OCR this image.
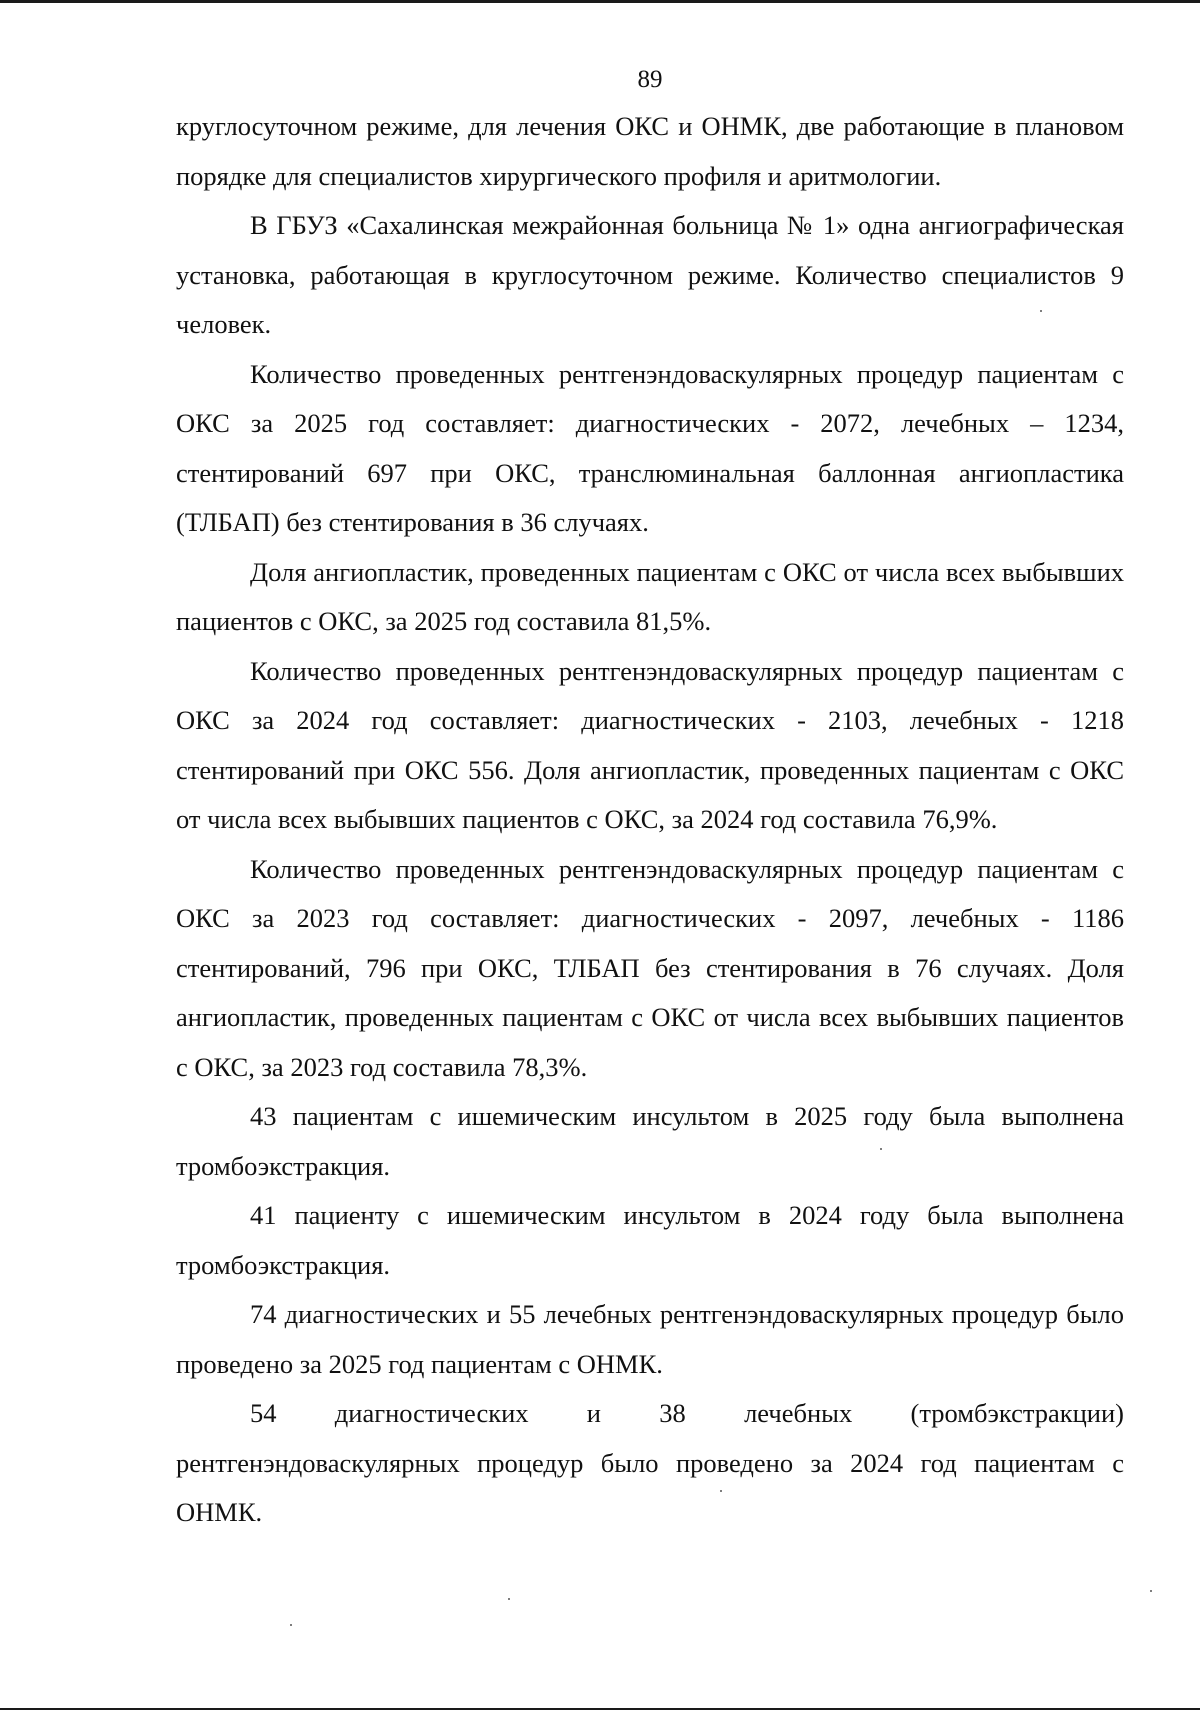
89

круглосуточном режиме, для лечения ОКС и ОНМК, две работающие в плановом порядке для специалистов хирургического профиля и аритмологии.

В ГБУЗ «Сахалинская межрайонная больница № 1» одна ангиографическая установка, работающая в круглосуточном режиме. Количество специалистов 9 человек.

Количество проведенных рентгенэндоваскулярных процедур пациентам с ОКС за 2025 год составляет: диагностических - 2072, лечебных – 1234, стентирований 697 при ОКС, транслюминальная баллонная ангиопластика (ТЛБАП) без стентирования в 36 случаях.

Доля ангиопластик, проведенных пациентам с ОКС от числа всех выбывших пациентов с ОКС, за 2025 год составила 81,5%.

Количество проведенных рентгенэндоваскулярных процедур пациентам с ОКС за 2024 год составляет: диагностических - 2103, лечебных - 1218 стентирований при ОКС 556. Доля ангиопластик, проведенных пациентам с ОКС от числа всех выбывших пациентов с ОКС, за 2024 год составила 76,9%.

Количество проведенных рентгенэндоваскулярных процедур пациентам с ОКС за 2023 год составляет: диагностических - 2097, лечебных - 1186 стентирований, 796 при ОКС, ТЛБАП без стентирования в 76 случаях. Доля ангиопластик, проведенных пациентам с ОКС от числа всех выбывших пациентов с ОКС, за 2023 год составила 78,3%.

43 пациентам с ишемическим инсультом в 2025 году была выполнена тромбоэкстракция.

41 пациенту с ишемическим инсультом в 2024 году была выполнена тромбоэкстракция.

74 диагностических и 55 лечебных рентгенэндоваскулярных процедур было проведено за 2025 год пациентам с ОНМК.

54 диагностических и 38 лечебных (тромбэкстракции) рентгенэндоваскулярных процедур было проведено за 2024 год пациентам с ОНМК.
